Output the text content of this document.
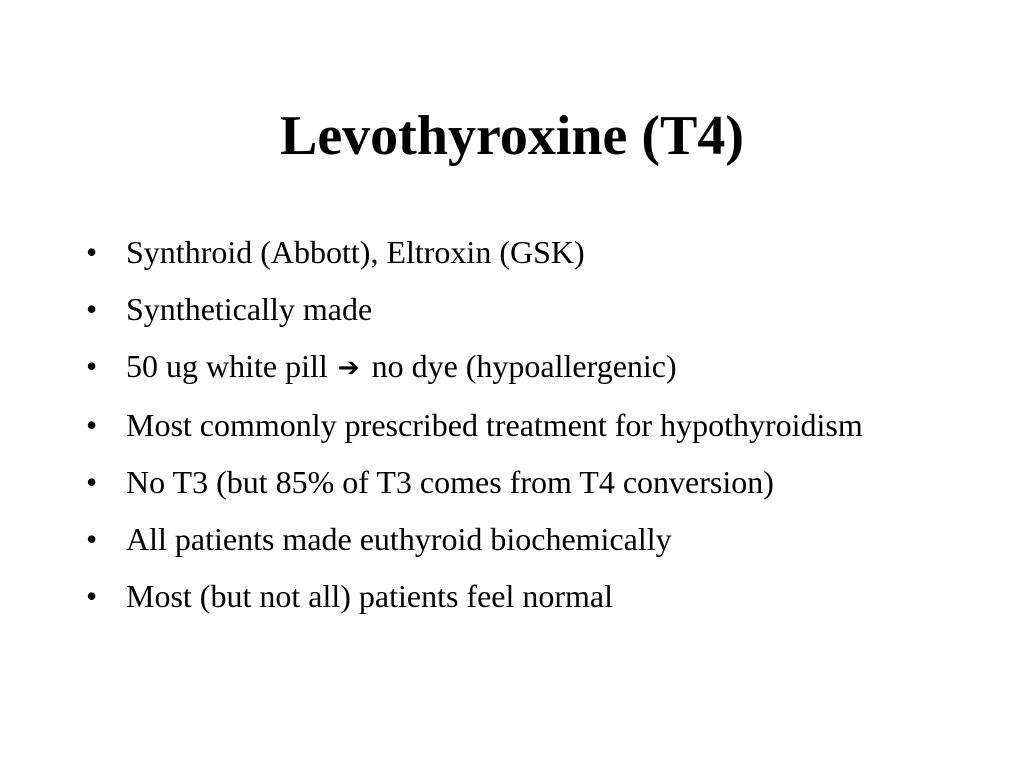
Levothyroxine (T4)
• Synthroid (Abbott), Eltroxin (GSK)
• Synthetically made
• 50 ug white pill ➔ no dye (hypoallergenic)
• Most commonly prescribed treatment for hypothyroidism
• No T3 (but 85% of T3 comes from T4 conversion)
• All patients made euthyroid biochemically
• Most (but not all) patients feel normal
